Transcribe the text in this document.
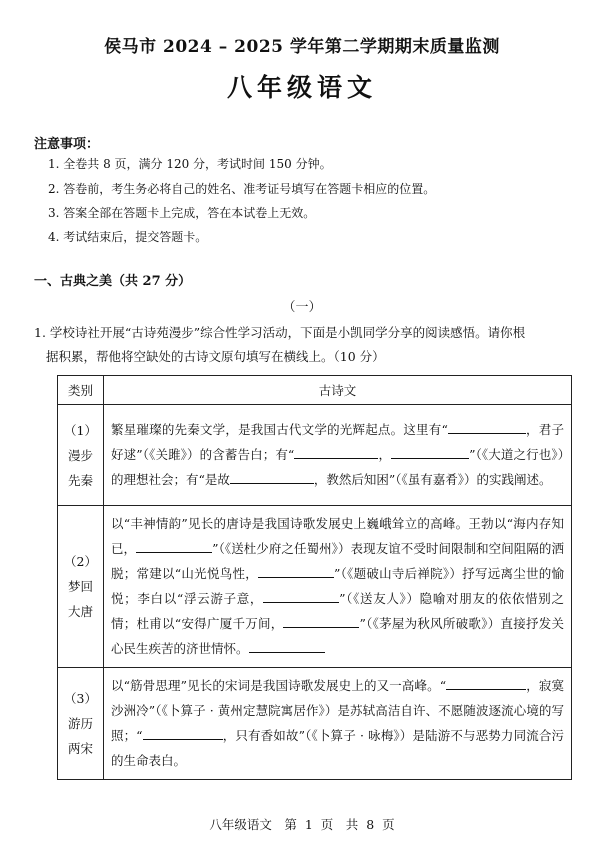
侯马市 2024 – 2025 学年第二学期期末质量监测
八年级语文
注意事项：
1. 全卷共 8 页，满分 120 分，考试时间 150 分钟。
2. 答卷前，考生务必将自己的姓名、准考证号填写在答题卡相应的位置。
3. 答案全部在答题卡上完成，答在本试卷上无效。
4. 考试结束后，提交答题卡。
一、古典之美（共 27 分）
（一）
1. 学校诗社开展“古诗苑漫步”综合性学习活动，下面是小凯同学分享的阅读感悟。请你根
据积累，帮他将空缺处的古诗文原句填写在横线上。（10 分）
类别	古诗文
（1）
漫步
先秦	繁星璀璨的先秦文学，是我国古代文学的光辉起点。这里有“ ，君子好逑”（《关雎》）的含蓄告白；有“ ， ”（《大道之行也》）的理想社会；有“是故 ，教然后知困”（《虽有嘉肴》）的实践阐述。
（2）
梦回
大唐	以“丰神情韵”见长的唐诗是我国诗歌发展史上巍峨耸立的高峰。王勃以“海内存知已， ”（《送杜少府之任蜀州》）表现友谊不受时间限制和空间阻隔的洒脱；常建以“山光悦鸟性， ”（《题破山寺后禅院》）抒写远离尘世的愉悦；李白以“浮云游子意， ”（《送友人》）隐喻对朋友的依依惜别之情；杜甫以“安得广厦千万间， ”（《茅屋为秋风所破歌》）直接抒发关心民生疾苦的济世情怀。
（3）
游历
两宋	以“筋骨思理”见长的宋词是我国诗歌发展史上的又一高峰。“ ，寂寞沙洲冷”（《卜算子 · 黄州定慧院寓居作》）是苏轼高洁自许、不愿随波逐流心境的写照；“ ，只有香如故”（《卜算子 · 咏梅》）是陆游不与恶势力同流合污的生命表白。
八年级语文　第 1 页　共 8 页
